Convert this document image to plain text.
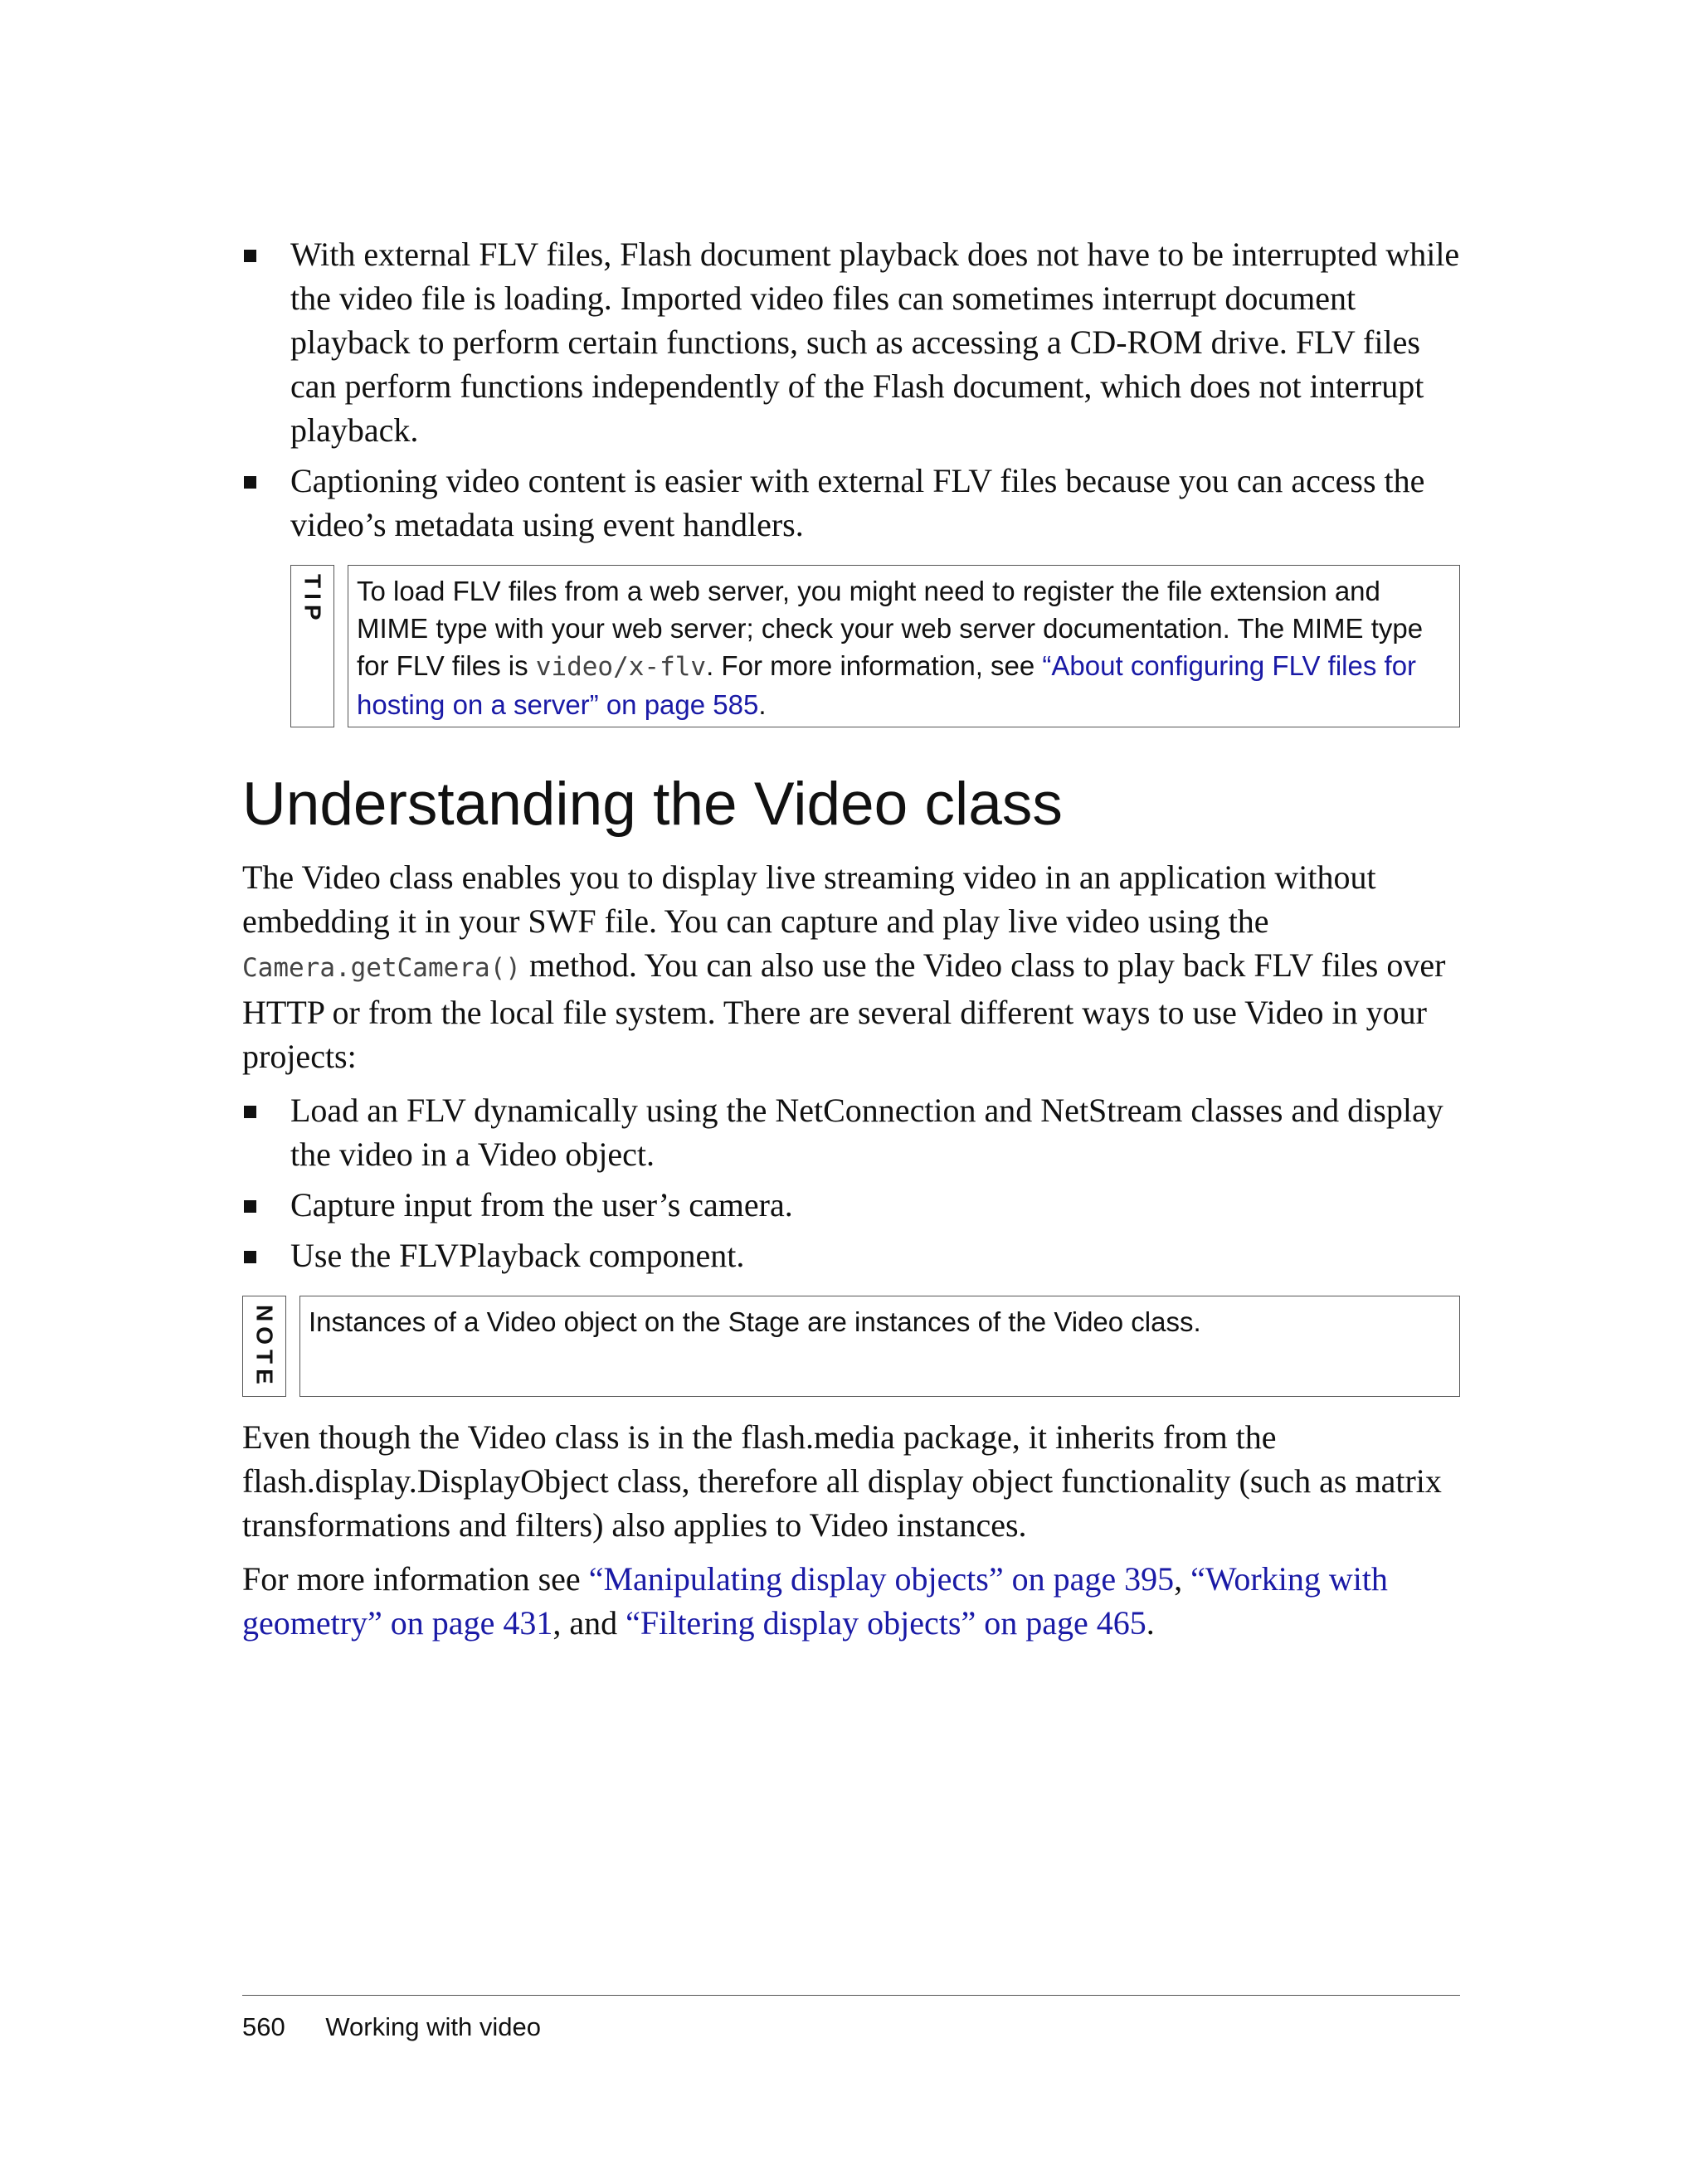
With external FLV files, Flash document playback does not have to be interrupted while the video file is loading. Imported video files can sometimes interrupt document playback to perform certain functions, such as accessing a CD-ROM drive. FLV files can perform functions independently of the Flash document, which does not interrupt playback.
Captioning video content is easier with external FLV files because you can access the video’s metadata using event handlers.
TIP	To load FLV files from a web server, you might need to register the file extension and MIME type with your web server; check your web server documentation. The MIME type for FLV files is video/x-flv. For more information, see “About configuring FLV files for hosting on a server” on page 585.
Understanding the Video class

The Video class enables you to display live streaming video in an application without embedding it in your SWF file. You can capture and play live video using the Camera.getCamera() method. You can also use the Video class to play back FLV files over HTTP or from the local file system. There are several different ways to use Video in your projects:

Load an FLV dynamically using the NetConnection and NetStream classes and display the video in a Video object.
Capture input from the user’s camera.
Use the FLVPlayback component.
NOTE	Instances of a Video object on the Stage are instances of the Video class.

Even though the Video class is in the flash.media package, it inherits from the flash.display.DisplayObject class, therefore all display object functionality (such as matrix transformations and filters) also applies to Video instances.

For more information see “Manipulating display objects” on page 395, “Working with geometry” on page 431, and “Filtering display objects” on page 465.

560 Working with video
